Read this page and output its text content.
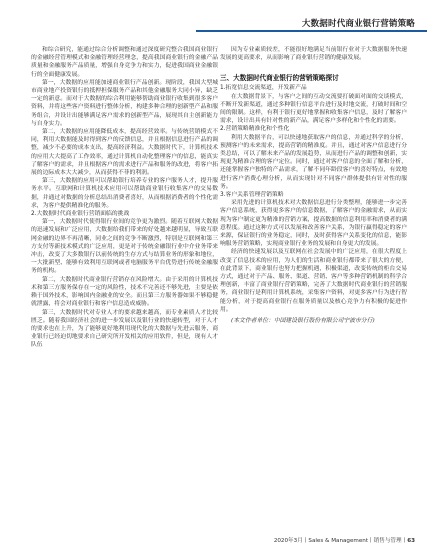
大数据时代商业银行营销策略

和综合研究，能通过综合分析调整和通过深度研究整合我国商业银行的金融经营管理模式和金融管理经营理念，提高我国商业银行的金融产品质量和金融服务产品质量，增强自身竞争力和实力，促进我国商业金融银行的全面健康发展。

第一，大数据的应用能加速商业银行产品创新。现阶段，我国大型城市商业地产投资银行的抵押担保服务产品和其他金融服务大同小异，缺乏一定的新意。而对于大数据的综合利用能够帮助商业银行收集到很多客户资料，并将这些客户资料进行整体分析，构建多种合理的创新型产品和服务组合，并设计出能够满足客户需求的创新型产品，展现其自主创新能力与自身实力。

第二，大数据的应用能降低成本，提高经营效率。与传统营销模式不同，利用大数据能及时得到客户的反馈信息，并且根据信息进行产品的调整，减少不必要的成本支出，提高经济利益。大数据时代下，计算机技术的应用大大提高了工作效率，通过计算机自动化整理客户的信息，能真实了解客户的需求，并且根据客户的需求进行产品和服务的改进，将客户拓展的边际成本大大减少，从而获得不菲的利润。

第三，大数据的应用可以帮助银行培养专业的客户服务人才，提升服务水平。互联网和计算机技术应用可以帮助商业银行收集客户的交易数据，并通过对数据的分析总结出消费者喜好，从而根据消费者的个性化需求，为客户提供精准化的服务。

2.大数据时代商业银行营销面临的挑战

第一，大数据时代使得银行业间的竞争更为激烈。随着互联网大数据的迅速发展和广泛应用，大数据给我们带来的好处越来越明显，导致互联网金融的边界不再清晰，同业之间的竞争不断激烈，特别是互联网和第三方支付等新技术模式的广泛应用，更是对于传统金融银行业中介业务带来冲击，改变了大多数银行以前传统的生存方式与结算业务的形象和地位，一大批新型、能够有效利用互联网或者电脑服务平台优势进行传统金融服务的机构。

第二，大数据时代商业银行营销存在风险增大。由于采用的计算机技术和第三方服务保存在一定的风险性，技术不完善还不够先进，主要是依赖于国外技术，影响国内金融业的安全。而且第三方服务器如果不够稳健就泄露，将会对商业银行和客户信息造成威胁。

第三，大数据时代对专业人才的要求越来越高，而专业素质人才比较匮乏。随着我国经济社会的进一步发展以及银行业的快速转型，对于人才的要求也在上升，为了能够更好地利用现代化的大数据与先进云服务，商业银行已经迫切地要求自己研究所开发相关的应用软件，但是，现有人才队伍

因为专业素质较差，不能很好地满足当前银行业对于大数据服务快速发展的更高要求，从而影响了商业银行营销的健康发展。

三、大数据时代商业银行的营销策略探讨
1.拓宽信息交流渠道，开发新产品

在大数据背景下，与客户之间的互动交流要打破面对面的交谈模式，不断开发新渠道，通过多种银行信息平台进行及时地交流，打破时间和空间的限制。这样，有利于银行更好地掌握和收集客户信息，及时了解客户需求，设计出具有针对性的新产品，满足客户多样化和个性化的需要。

2.营销策略精准化和个性化

利用大数据平台，可以快速地获取客户的信息，并通过科学的分析，预测客户的未来需求，提高营销的精准度。并且，通过对客户信息进行分类总结，可以了解未来产品的发展趋势，从而进行产品的调整和创新，实现更为精准合理的客户定位。同时，通过对客户信息的全面了解和分析，还能掌握客户独特的产品需求，了解不同年龄段客户的喜好特点，有效地进行客户消费心理分析，从而实现针对不同客户群体提供有针对性的服务。

3.客户关系管理营销策略

采用先进的计算机技术对大数据信息进行分类整理，能够进一步完善客户信息系统，获得更多客户的信息数据，了解客户的金融需求，从而实现为客户制定更为精准的营销方案，提高数据的信息利用率和消费者的满意程度。通过这种方式可以发展和改善客户关系，为银行赢得稳定的客户来源，保证银行的业务稳定，同时，及时获得客户关系变化的信息，能影响服务营销策略，实现商业银行业务的发展和自身更大的发展。

经济的快速发展以及互联网在社会发展中的广泛应用，在很大程度上改变了信息技术的应用，为人们的生活和商业银行都带来了很大的方便，在此背景下，商业银行也努力把握机遇，积极渠道，改变传统的柜台交易方式，通过对于产品、服务、渠道、营销、客户等多种营销机制的科学合理创新，丰富了商业银行营销策略，完善了大数据时代商业银行的营销服务，商业银行是利用计算机系统，采集客户资料，对更多客户行为进行智能分析，对于提高商业银行在服务质量以及核心竞争力有积极的促进作用。

(本文作者单位：中国建设银行股份有限公司宁波市分行)

2020年3月丨Sales & Management丨销售与管理丨63
